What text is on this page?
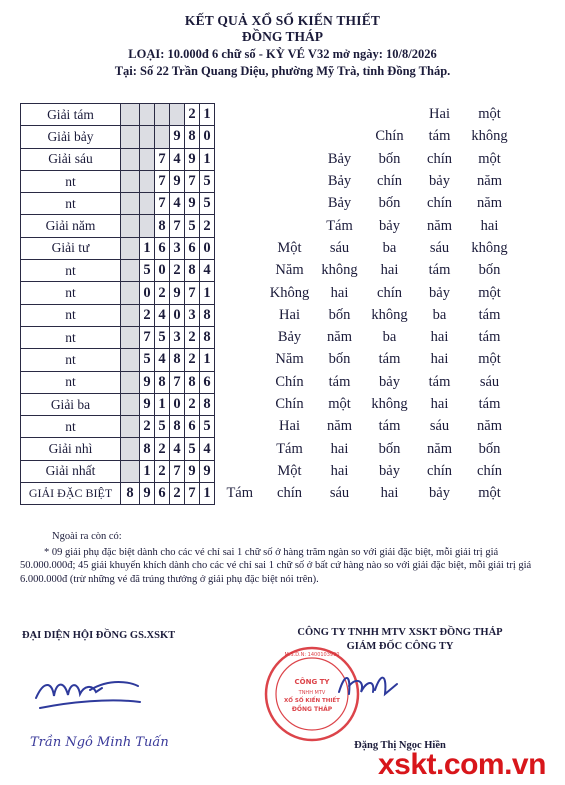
KẾT QUẢ XỔ SỐ KIẾN THIẾT
ĐỒNG THÁP
LOẠI: 10.000đ 6 chữ số - KỲ VÉ V32 mở ngày: 10/8/2026
Tại: Số 22 Trần Quang Diệu, phường Mỹ Trà, tỉnh Đồng Tháp.
Giải tám					2	1					Hai	một
Giải bảy				9	8	0				Chín	tám	không
Giải sáu			7	4	9	1			Bảy	bốn	chín	một
nt			7	9	7	5			Bảy	chín	bảy	năm
nt			7	4	9	5			Bảy	bốn	chín	năm
Giải năm			8	7	5	2			Tám	bảy	năm	hai
Giải tư		1	6	3	6	0		Một	sáu	ba	sáu	không
nt		5	0	2	8	4		Năm	không	hai	tám	bốn
nt		0	2	9	7	1		Không	hai	chín	bảy	một
nt		2	4	0	3	8		Hai	bốn	không	ba	tám
nt		7	5	3	2	8		Bảy	năm	ba	hai	tám
nt		5	4	8	2	1		Năm	bốn	tám	hai	một
nt		9	8	7	8	6		Chín	tám	bảy	tám	sáu
Giải ba		9	1	0	2	8		Chín	một	không	hai	tám
nt		2	5	8	6	5		Hai	năm	tám	sáu	năm
Giải nhì		8	2	4	5	4		Tám	hai	bốn	năm	bốn
Giải nhất		1	2	7	9	9		Một	hai	bảy	chín	chín
GIẢI ĐẶC BIỆT	8	9	6	2	7	1	Tám	chín	sáu	hai	bảy	một
Ngoài ra còn có:
* 09 giải phụ đặc biệt dành cho các vé chỉ sai 1 chữ số ở hàng trăm ngàn so với giải đặc biệt, mỗi giải trị giá 50.000.000đ; 45 giải khuyến khích dành cho các vé chỉ sai 1 chữ số ở bất cứ hàng nào so với giải đặc biệt, mỗi giải trị giá 6.000.000đ (trừ những vé đã trúng thưởng ở giải phụ đặc biệt nói trên).
ĐẠI DIỆN HỘI ĐỒNG GS.XSKT
Trần Ngô Minh Tuấn
CÔNG TY TNHH MTV XSKT ĐỒNG THÁP
GIÁM ĐỐC CÔNG TY
CÔNG TY
TNHH MTV
XỔ SỐ KIẾN THIẾT
ĐỒNG THÁP
M.S.D.N: 1400103990
Đặng Thị Ngọc Hiền
xskt.com.vn
